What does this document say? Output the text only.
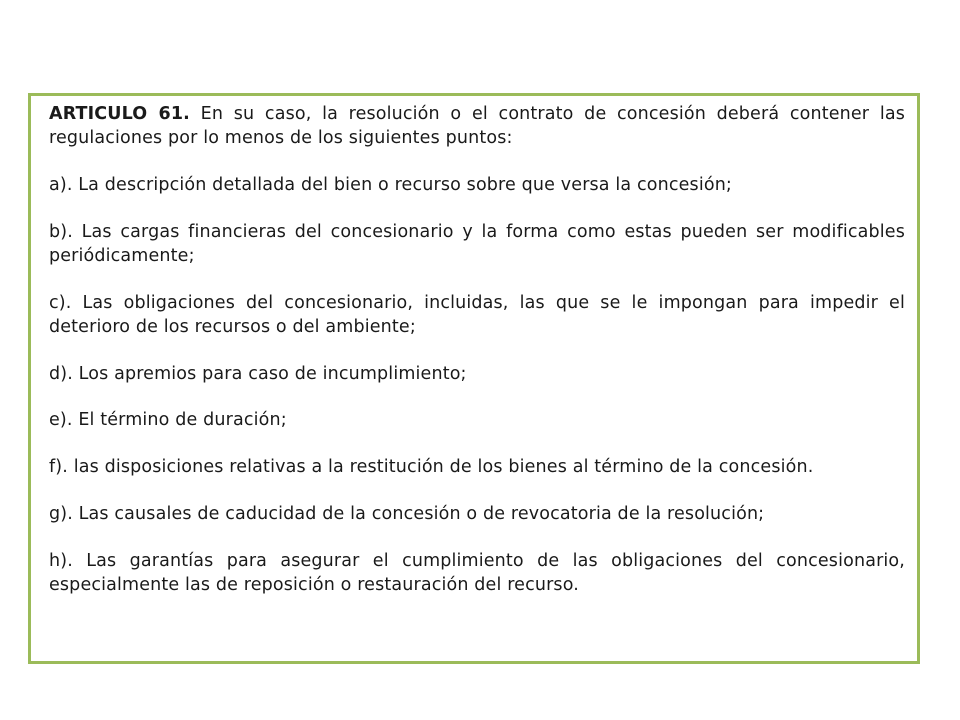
ARTICULO 61. En su caso, la resolución o el contrato de concesión deberá contener las regulaciones por lo menos de los siguientes puntos:

a). La descripción detallada del bien o recurso sobre que versa la concesión;

b). Las cargas financieras del concesionario y la forma como estas pueden ser modificables periódicamente;

c). Las obligaciones del concesionario, incluidas, las que se le impongan para impedir el deterioro de los recursos o del ambiente;

d). Los apremios para caso de incumplimiento;

e). El término de duración;

f). las disposiciones relativas a la restitución de los bienes al término de la concesión.

g). Las causales de caducidad de la concesión o de revocatoria de la resolución;

h). Las garantías para asegurar el cumplimiento de las obligaciones del concesionario, especialmente las de reposición o restauración del recurso.
